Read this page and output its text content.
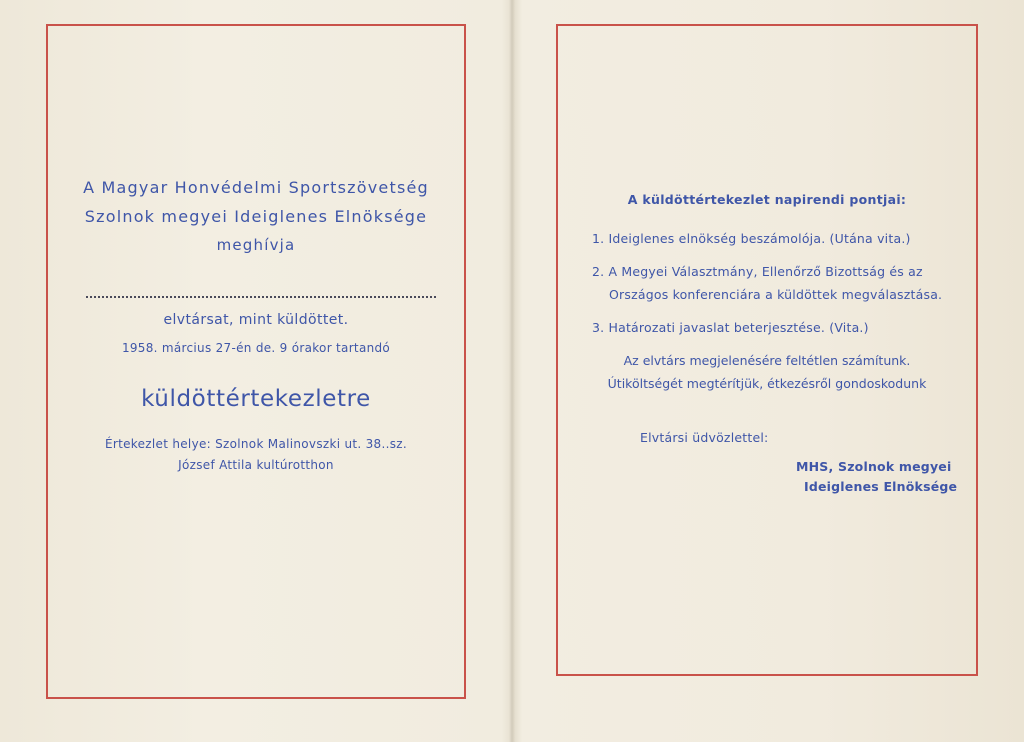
A Magyar Honvédelmi Sportszövetség
Szolnok megyei Ideiglenes Elnöksége
meghívja
elvtársat, mint küldöttet.
1958. március 27-én de. 9 órakor tartandó
küldöttértekezletre
Értekezlet helye: Szolnok Malinovszki ut. 38..sz.
József Attila kultúrotthon
A küldöttértekezlet napirendi pontjai:
1. Ideiglenes elnökség beszámolója. (Utána vita.)
2. A Megyei Választmány, Ellenőrző Bizottság és az
Országos konferenciára a küldöttek megválasztása.
3. Határozati javaslat beterjesztése. (Vita.)
Az elvtárs megjelenésére feltétlen számítunk.
Útiköltségét megtérítjük, étkezésről gondoskodunk
Elvtársi üdvözlettel:
MHS, Szolnok megyei
Ideiglenes Elnöksége
